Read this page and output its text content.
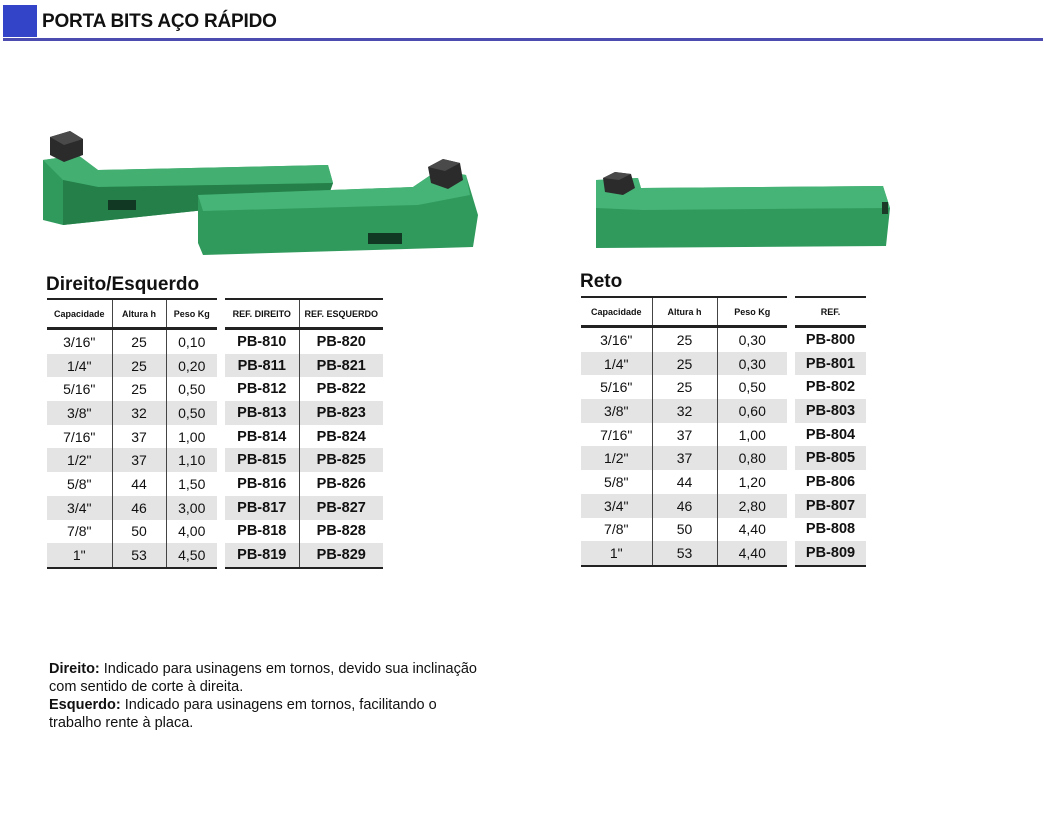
PORTA BITS AÇO RÁPIDO
Direito/Esquerdo	Reto
Capacidade	Altura h	Peso Kg
3/16"	25	0,10
1/4"	25	0,20
5/16"	25	0,50
3/8"	32	0,50
7/16"	37	1,00
1/2"	37	1,10
5/8"	44	1,50
3/4"	46	3,00
7/8"	50	4,00
1"	53	4,50
REF. DIREITO	REF. ESQUERDO
PB-810	PB-820
PB-811	PB-821
PB-812	PB-822
PB-813	PB-823
PB-814	PB-824
PB-815	PB-825
PB-816	PB-826
PB-817	PB-827
PB-818	PB-828
PB-819	PB-829
Capacidade	Altura h	Peso Kg
3/16"	25	0,30
1/4"	25	0,30
5/16"	25	0,50
3/8"	32	0,60
7/16"	37	1,00
1/2"	37	0,80
5/8"	44	1,20
3/4"	46	2,80
7/8"	50	4,40
1"	53	4,40
REF.
PB-800
PB-801
PB-802
PB-803
PB-804
PB-805
PB-806
PB-807
PB-808
PB-809
Direito: Indicado para usinagens em tornos, devido sua inclinação com sentido de corte à direita.
Esquerdo: Indicado para usinagens em tornos, facilitando o trabalho rente à placa.
